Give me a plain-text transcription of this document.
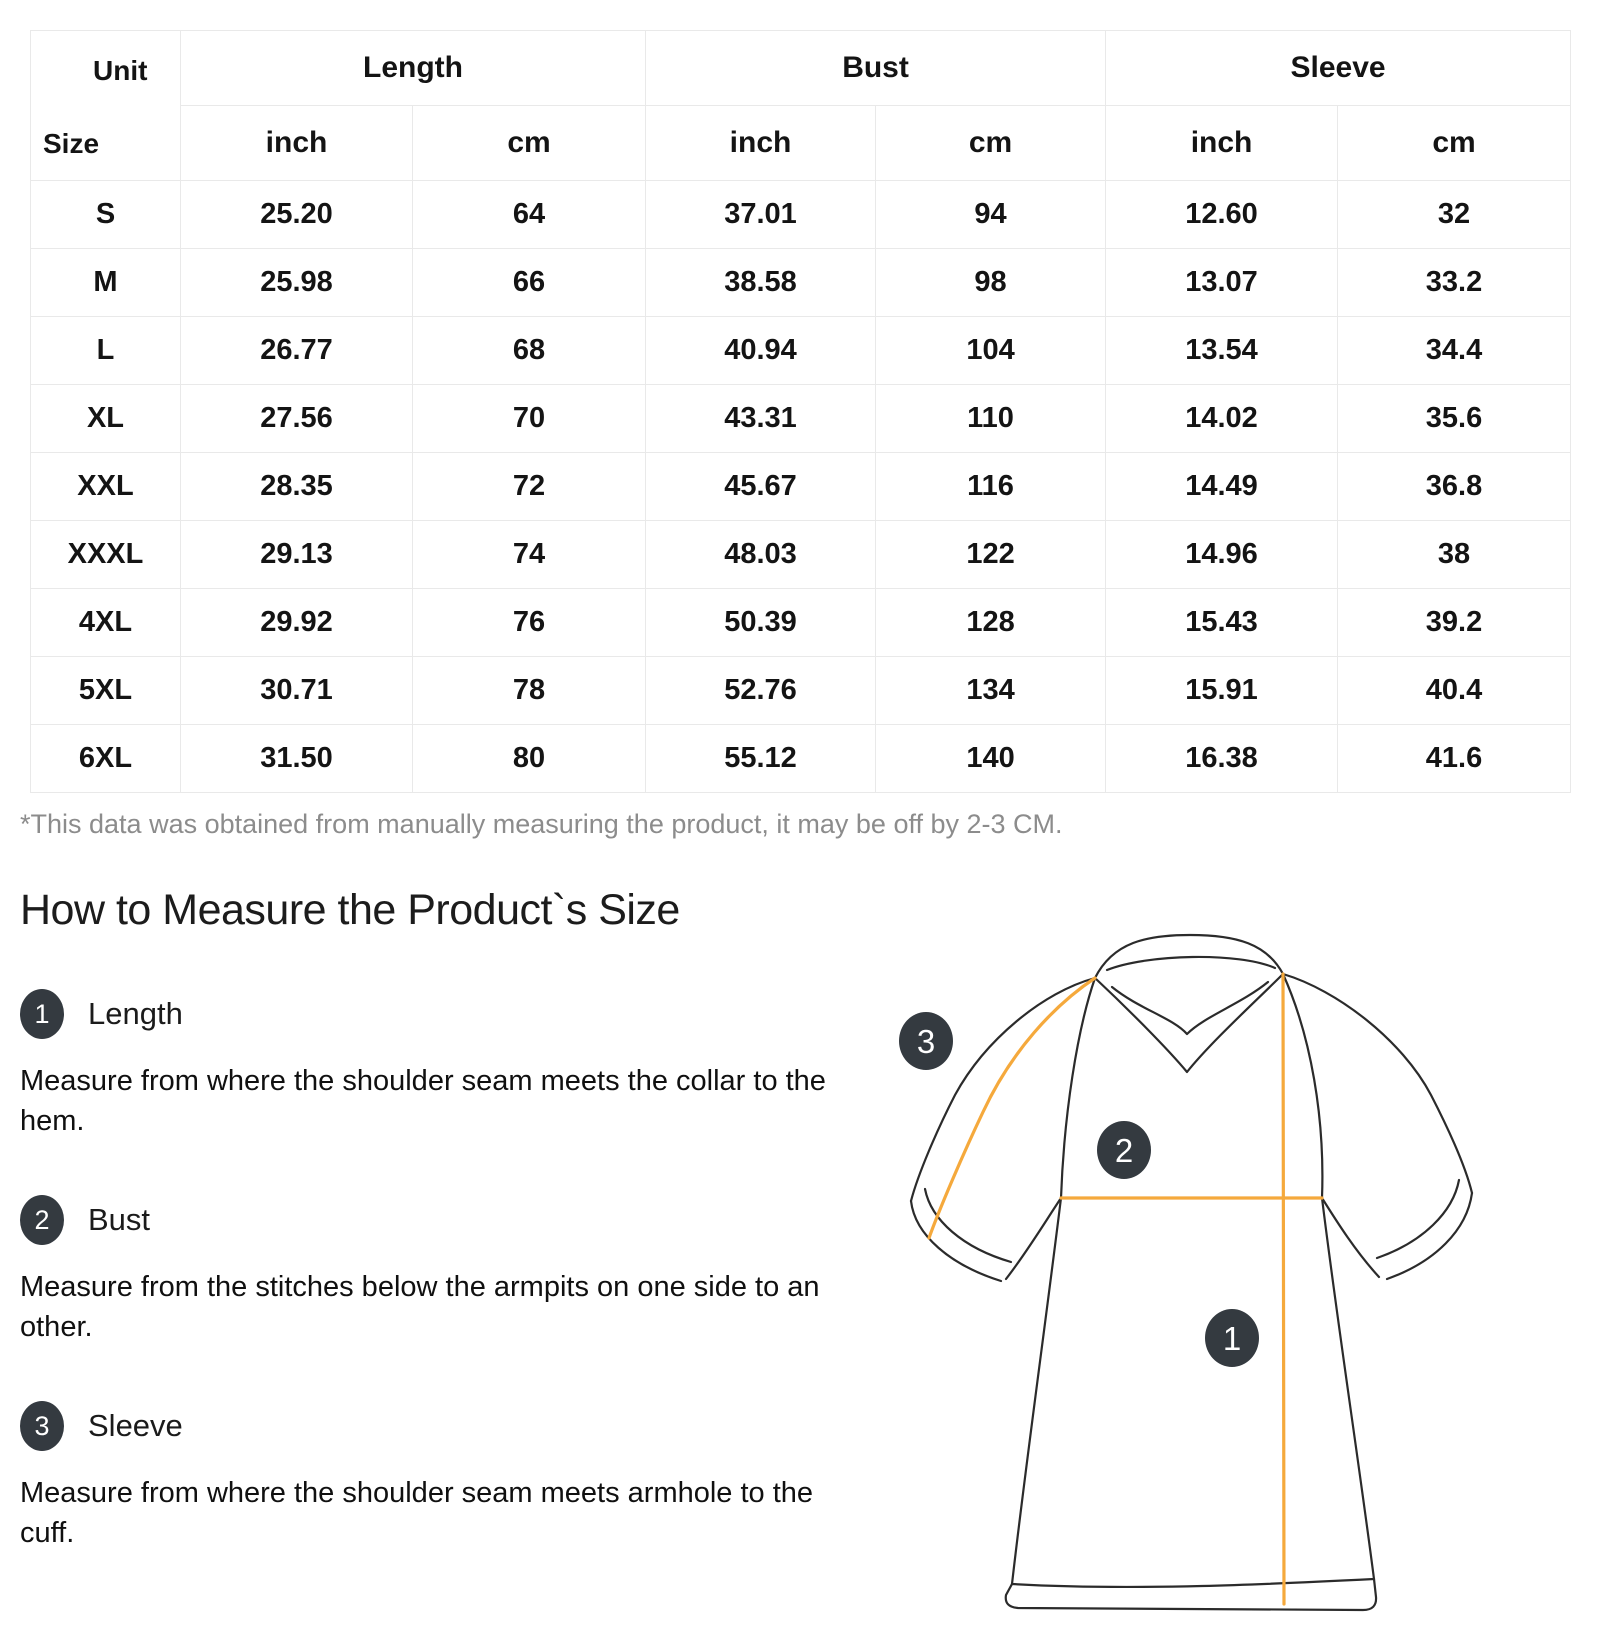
Unit
Size	Length		Bust		Sleeve	
	inch	cm	inch	cm	inch	cm
S	25.20	64	37.01	94	12.60	32
M	25.98	66	38.58	98	13.07	33.2
L	26.77	68	40.94	104	13.54	34.4
XL	27.56	70	43.31	110	14.02	35.6
XXL	28.35	72	45.67	116	14.49	36.8
XXXL	29.13	74	48.03	122	14.96	38
4XL	29.92	76	50.39	128	15.43	39.2
5XL	30.71	78	52.76	134	15.91	40.4
6XL	31.50	80	55.12	140	16.38	41.6
*This data was obtained from manually measuring the product, it may be off by 2-3 CM.
How to Measure the Product`s Size
1	Length
Measure from where the shoulder seam meets the collar to the hem.
2	Bust
Measure from the stitches below the armpits on one side to an other.
3	Sleeve
Measure from where the shoulder seam meets armhole to the cuff.
3
2
1
